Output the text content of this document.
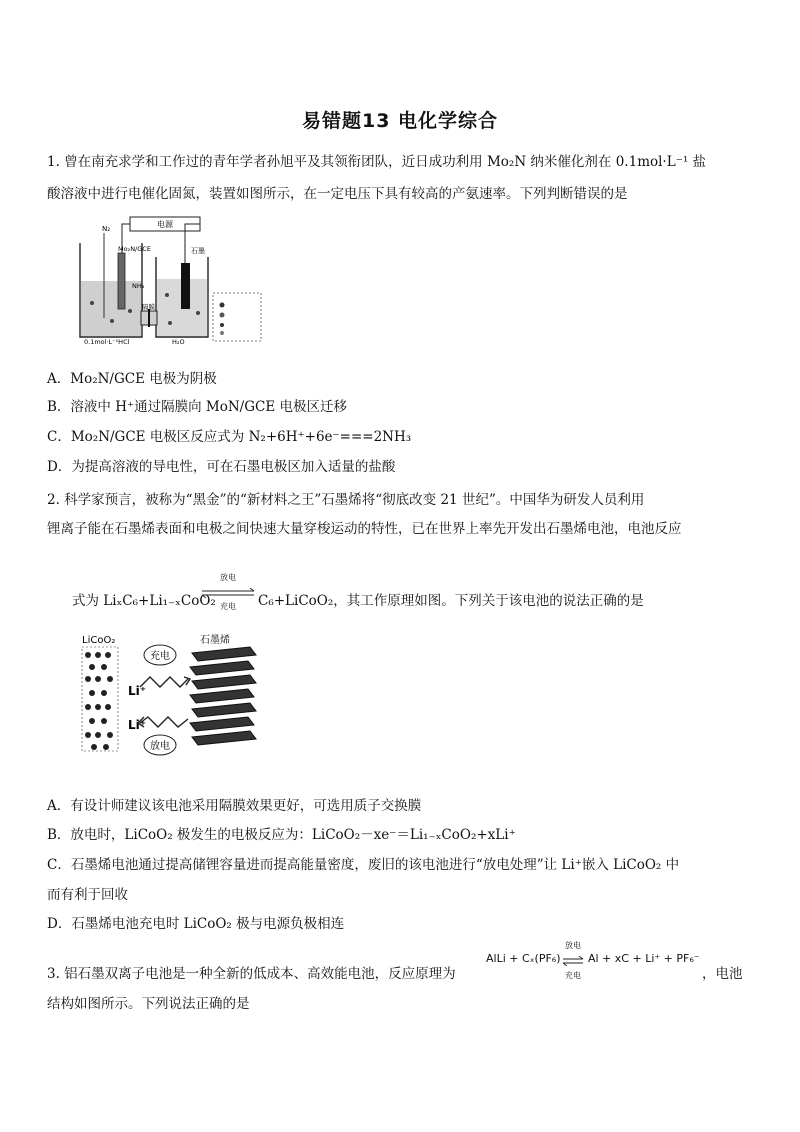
易错题13 电化学综合
1. 曾在南充求学和工作过的青年学者孙旭平及其领衔团队，近日成功利用 Mo₂N 纳米催化剂在 0.1mol·L⁻¹ 盐
酸溶液中进行电催化固氮，装置如图所示，在一定电压下具有较高的产氨速率。下列判断错误的是
电源
N₂
Mo₂N/GCE
NH₃
石墨
0.1mol·L⁻¹HCl
隔膜
H₂O
A．Mo₂N/GCE 电极为阴极
B．溶液中 H⁺通过隔膜向 MoN/GCE 电极区迁移
C．Mo₂N/GCE 电极区反应式为 N₂+6H⁺+6e⁻===2NH₃
D．为提高溶液的导电性，可在石墨电极区加入适量的盐酸
2. 科学家预言，被称为“黑金”的“新材料之王”石墨烯将“彻底改变 21 世纪”。中国华为研发人员利用
锂离子能在石墨烯表面和电极之间快速大量穿梭运动的特性，已在世界上率先开发出石墨烯电池，电池反应
式为 LiₓC₆+Li₁₋ₓCoO₂
放电
充电	C₆+LiCoO₂，其工作原理如图。下列关于该电池的说法正确的是
LiCoO₂	石墨烯
充电
放电
Li⁺
Li⁺
A．有设计师建议该电池采用隔膜效果更好，可选用质子交换膜
B．放电时，LiCoO₂ 极发生的电极反应为：LiCoO₂－xe⁻＝Li₁₋ₓCoO₂+xLi⁺
C．石墨烯电池通过提高储锂容量进而提高能量密度，废旧的该电池进行“放电处理”让 Li⁺嵌入 LiCoO₂ 中
而有利于回收
D．石墨烯电池充电时 LiCoO₂ 极与电源负极相连
3. 铝石墨双离子电池是一种全新的低成本、高效能电池，反应原理为
AlLi + Cₓ(PF₆)
放电
充电
Al + xC + Li⁺ + PF₆⁻
，电池
结构如图所示。下列说法正确的是
